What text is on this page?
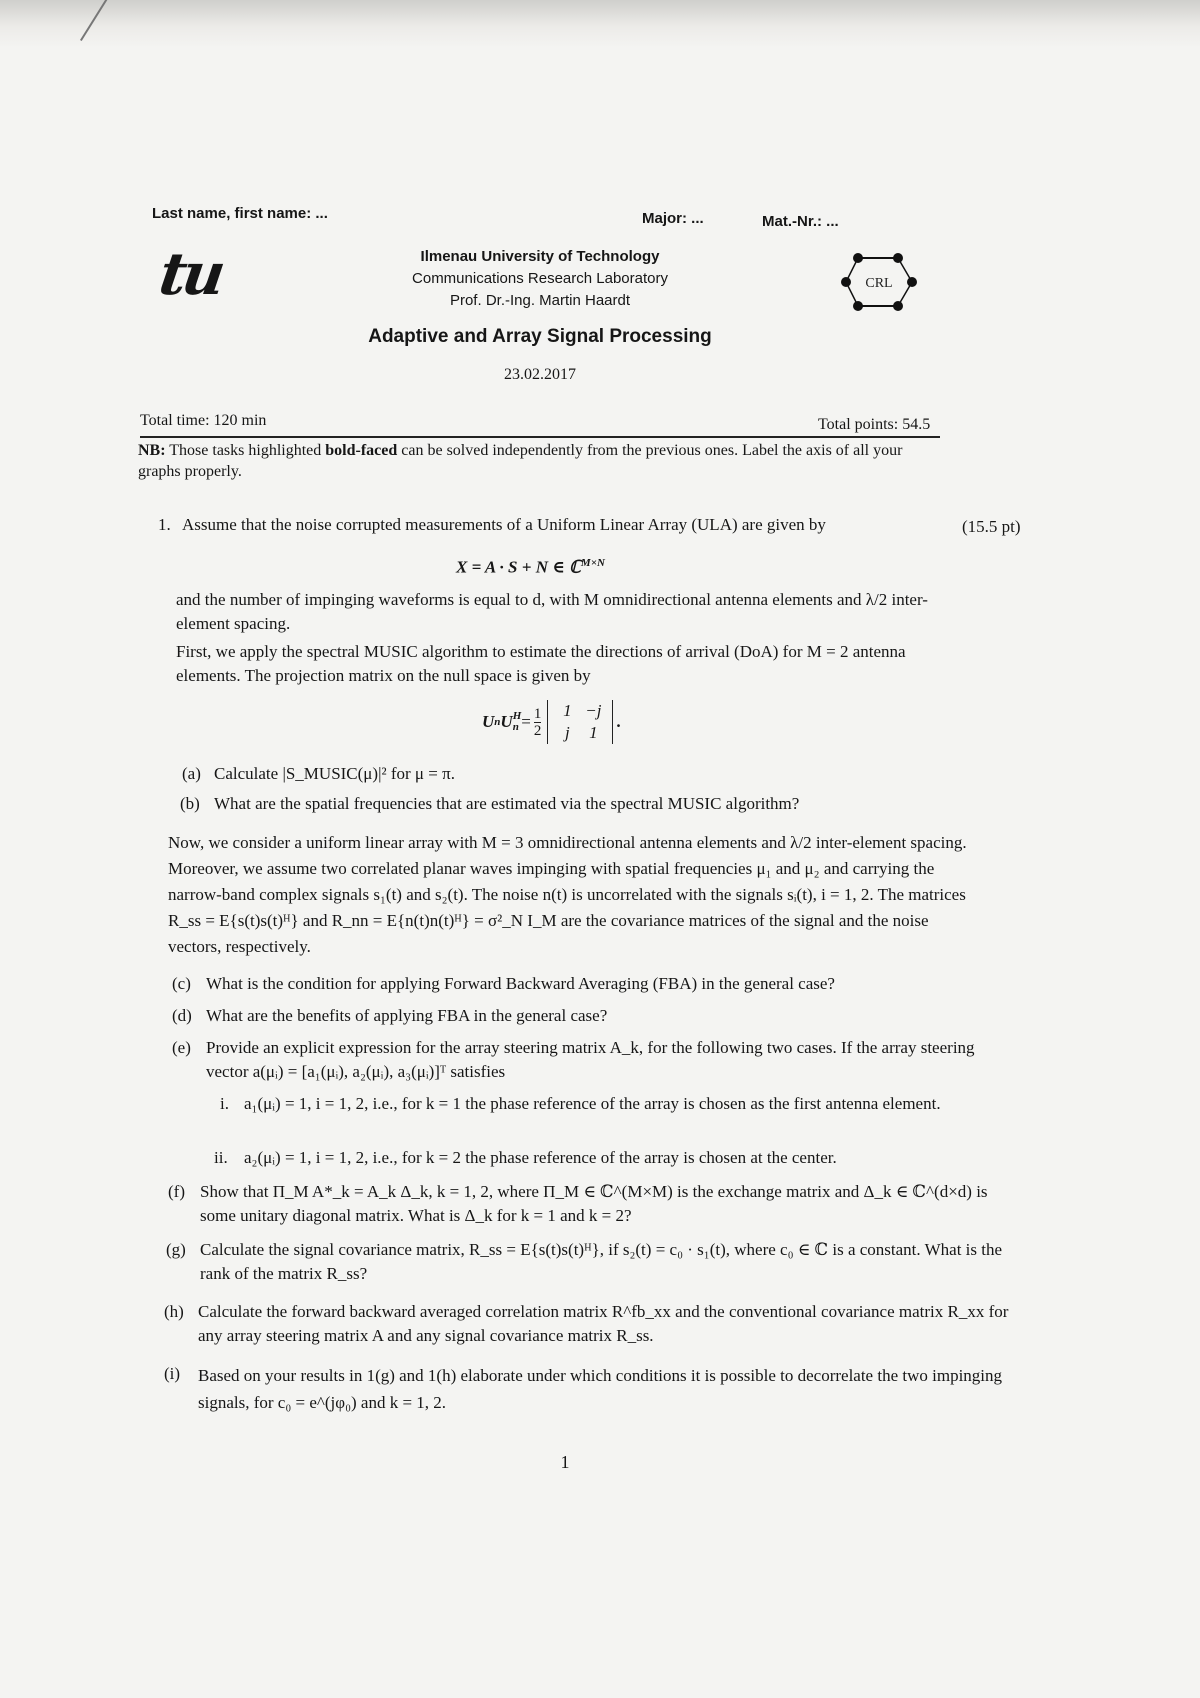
Last name, first name: ...	Major: ...	Mat.-Nr.: ...
tu	Ilmenau University of Technology
Communications Research Laboratory
Prof. Dr.-Ing. Martin Haardt
CRL
Adaptive and Array Signal Processing
23.02.2017
Total time: 120 min	Total points: 54.5
NB: Those tasks highlighted bold-faced can be solved independently from the previous ones. Label the axis of all your graphs properly.
1. Assume that the noise corrupted measurements of a Uniform Linear Array (ULA) are given by	(15.5 pt)
X = A · S + N ∈ ℂ$^{M\times N}$
and the number of impinging waveforms is equal to d, with M omnidirectional antenna elements and λ/2 inter-element spacing.
First, we apply the spectral MUSIC algorithm to estimate the directions of arrival (DoA) for M = 2 antenna elements. The projection matrix on the null space is given by
U n U H
$n = \frac{1}{2}$	1 −j
j	1
.
(a) Calculate |S_MUSIC(μ)|² for μ = π.
(b) What are the spatial frequencies that are estimated via the spectral MUSIC algorithm?
Now, we consider a uniform linear array with M = 3 omnidirectional antenna elements and λ/2 inter-element spacing. Moreover, we assume two correlated planar waves impinging with spatial frequencies μ₁ and μ₂ and carrying the narrow-band complex signals s₁(t) and s₂(t). The noise n(t) is uncorrelated with the signals sᵢ(t), i = 1, 2. The matrices R_ss = E{s(t)s(t)ᴴ} and R_nn = E{n(t)n(t)ᴴ} = σ²_N I_M are the covariance matrices of the signal and the noise vectors, respectively.
(c) What is the condition for applying Forward Backward Averaging (FBA) in the general case?
(d) What are the benefits of applying FBA in the general case?
(e) Provide an explicit expression for the array steering matrix A_k, for the following two cases. If the array steering vector a(μᵢ) = [a₁(μᵢ), a₂(μᵢ), a₃(μᵢ)]ᵀ satisfies
i. a₁(μᵢ) = 1, i = 1, 2, i.e., for k = 1 the phase reference of the array is chosen as the first antenna element.
ii. a₂(μᵢ) = 1, i = 1, 2, i.e., for k = 2 the phase reference of the array is chosen at the center.
(f) Show that Π_M A*_k = A_k Δ_k, k = 1, 2, where Π_M ∈ ℂ^(M×M) is the exchange matrix and Δ_k ∈ ℂ^(d×d) is some unitary diagonal matrix. What is Δ_k for k = 1 and k = 2?
(g) Calculate the signal covariance matrix, R_ss = E{s(t)s(t)ᴴ}, if s₂(t) = c₀ · s₁(t), where c₀ ∈ ℂ is a constant. What is the rank of the matrix R_ss?
(h) Calculate the forward backward averaged correlation matrix R^fb_xx and the conventional covariance matrix R_xx for any array steering matrix A and any signal covariance matrix R_ss.
(i) Based on your results in 1(g) and 1(h) elaborate under which conditions it is possible to decorrelate the two impinging signals, for c₀ = e^(jφ₀) and k = 1, 2.
1
